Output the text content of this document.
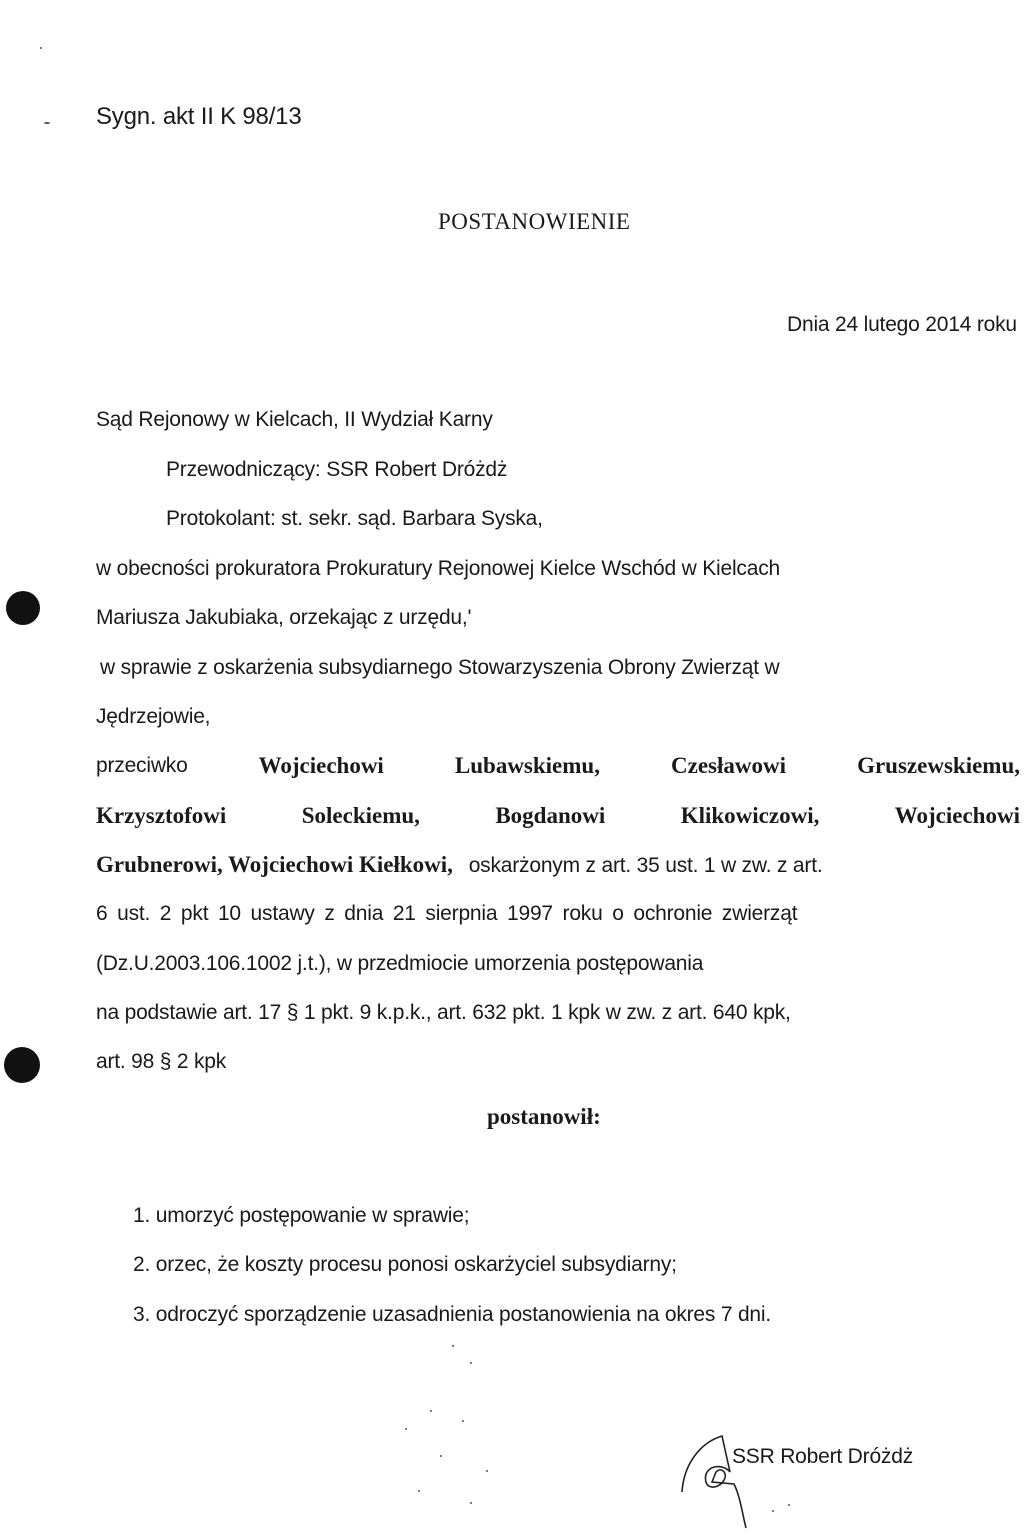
Sygn. akt II K 98/13
POSTANOWIENIE
Dnia 24 lutego 2014 roku
Sąd Rejonowy w Kielcach, II Wydział Karny
Przewodniczący: SSR Robert Dróżdż
Protokolant: st. sekr. sąd. Barbara Syska,
w obecności prokuratora Prokuratury Rejonowej Kielce Wschód w Kielcach
Mariusza Jakubiaka, orzekając z urzędu,'
w sprawie z oskarżenia subsydiarnego Stowarzyszenia Obrony Zwierząt w
Jędrzejowie,
przeciwko	Wojciechowi	Lubawskiemu,	Czesławowi	Gruszewskiemu,
Krzysztofowi	Soleckiemu,	Bogdanowi	Klikowiczowi,	Wojciechowi
Grubnerowi, Wojciechowi Kiełkowi, oskarżonym z art. 35 ust. 1 w zw. z art.
6 ust. 2 pkt 10 ustawy z dnia 21 sierpnia 1997 roku o ochronie zwierząt
(Dz.U.2003.106.1002 j.t.), w przedmiocie umorzenia postępowania
na podstawie art. 17 § 1 pkt. 9 k.p.k., art. 632 pkt. 1 kpk w zw. z art. 640 kpk,
art. 98 § 2 kpk
postanowił:
1. umorzyć postępowanie w sprawie;
2. orzec, że koszty procesu ponosi oskarżyciel subsydiarny;
3. odroczyć sporządzenie uzasadnienia postanowienia na okres 7 dni.
SSR Robert Dróżdż
